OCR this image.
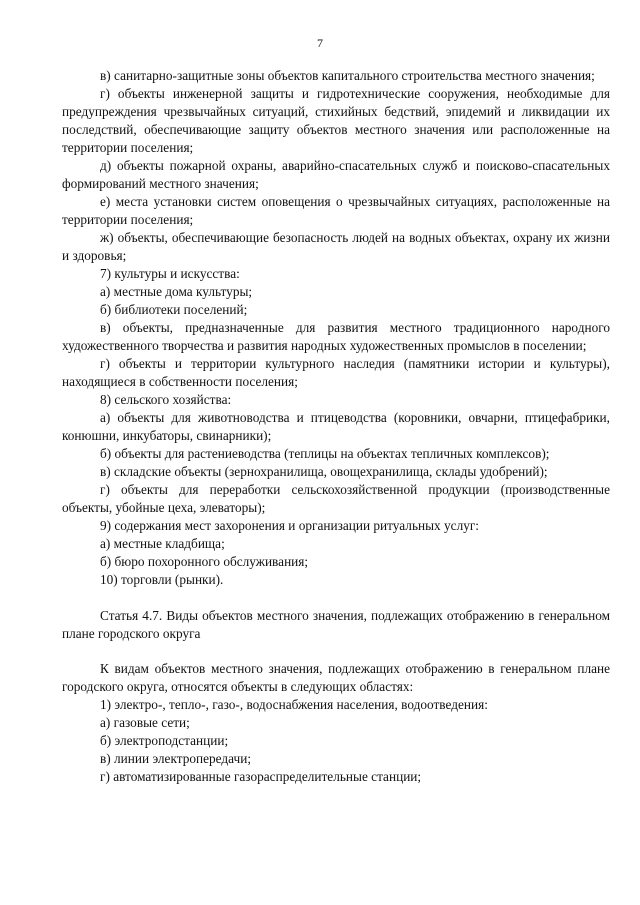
7

в) санитарно-защитные зоны объектов капитального строительства местного значения;

г) объекты инженерной защиты и гидротехнические сооружения, необходимые для предупреждения чрезвычайных ситуаций, стихийных бедствий, эпидемий и ликвидации их последствий, обеспечивающие защиту объектов местного значения или расположенные на территории поселения;

д) объекты пожарной охраны, аварийно-спасательных служб и поисково-спасательных формирований местного значения;

е) места установки систем оповещения о чрезвычайных ситуациях, расположенные на территории поселения;

ж) объекты, обеспечивающие безопасность людей на водных объектах, охрану их жизни и здоровья;

7) культуры и искусства:

а) местные дома культуры;

б) библиотеки поселений;

в) объекты, предназначенные для развития местного традиционного народного художественного творчества и развития народных художественных промыслов в поселении;

г) объекты и территории культурного наследия (памятники истории и культуры), находящиеся в собственности поселения;

8) сельского хозяйства:

а) объекты для животноводства и птицеводства (коровники, овчарни, птицефабрики, конюшни, инкубаторы, свинарники);

б) объекты для растениеводства (теплицы на объектах тепличных комплексов);

в) складские объекты (зернохранилища, овощехранилища, склады удобрений);

г) объекты для переработки сельскохозяйственной продукции (производственные объекты, убойные цеха, элеваторы);

9) содержания мест захоронения и организации ритуальных услуг:

а) местные кладбища;

б) бюро похоронного обслуживания;

10) торговли (рынки).

Статья 4.7. Виды объектов местного значения, подлежащих отображению в генеральном плане городского округа

К видам объектов местного значения, подлежащих отображению в генеральном плане городского округа, относятся объекты в следующих областях:

1) электро-, тепло-, газо-, водоснабжения населения, водоотведения:

а) газовые сети;

б) электроподстанции;

в) линии электропередачи;

г) автоматизированные газораспределительные станции;
